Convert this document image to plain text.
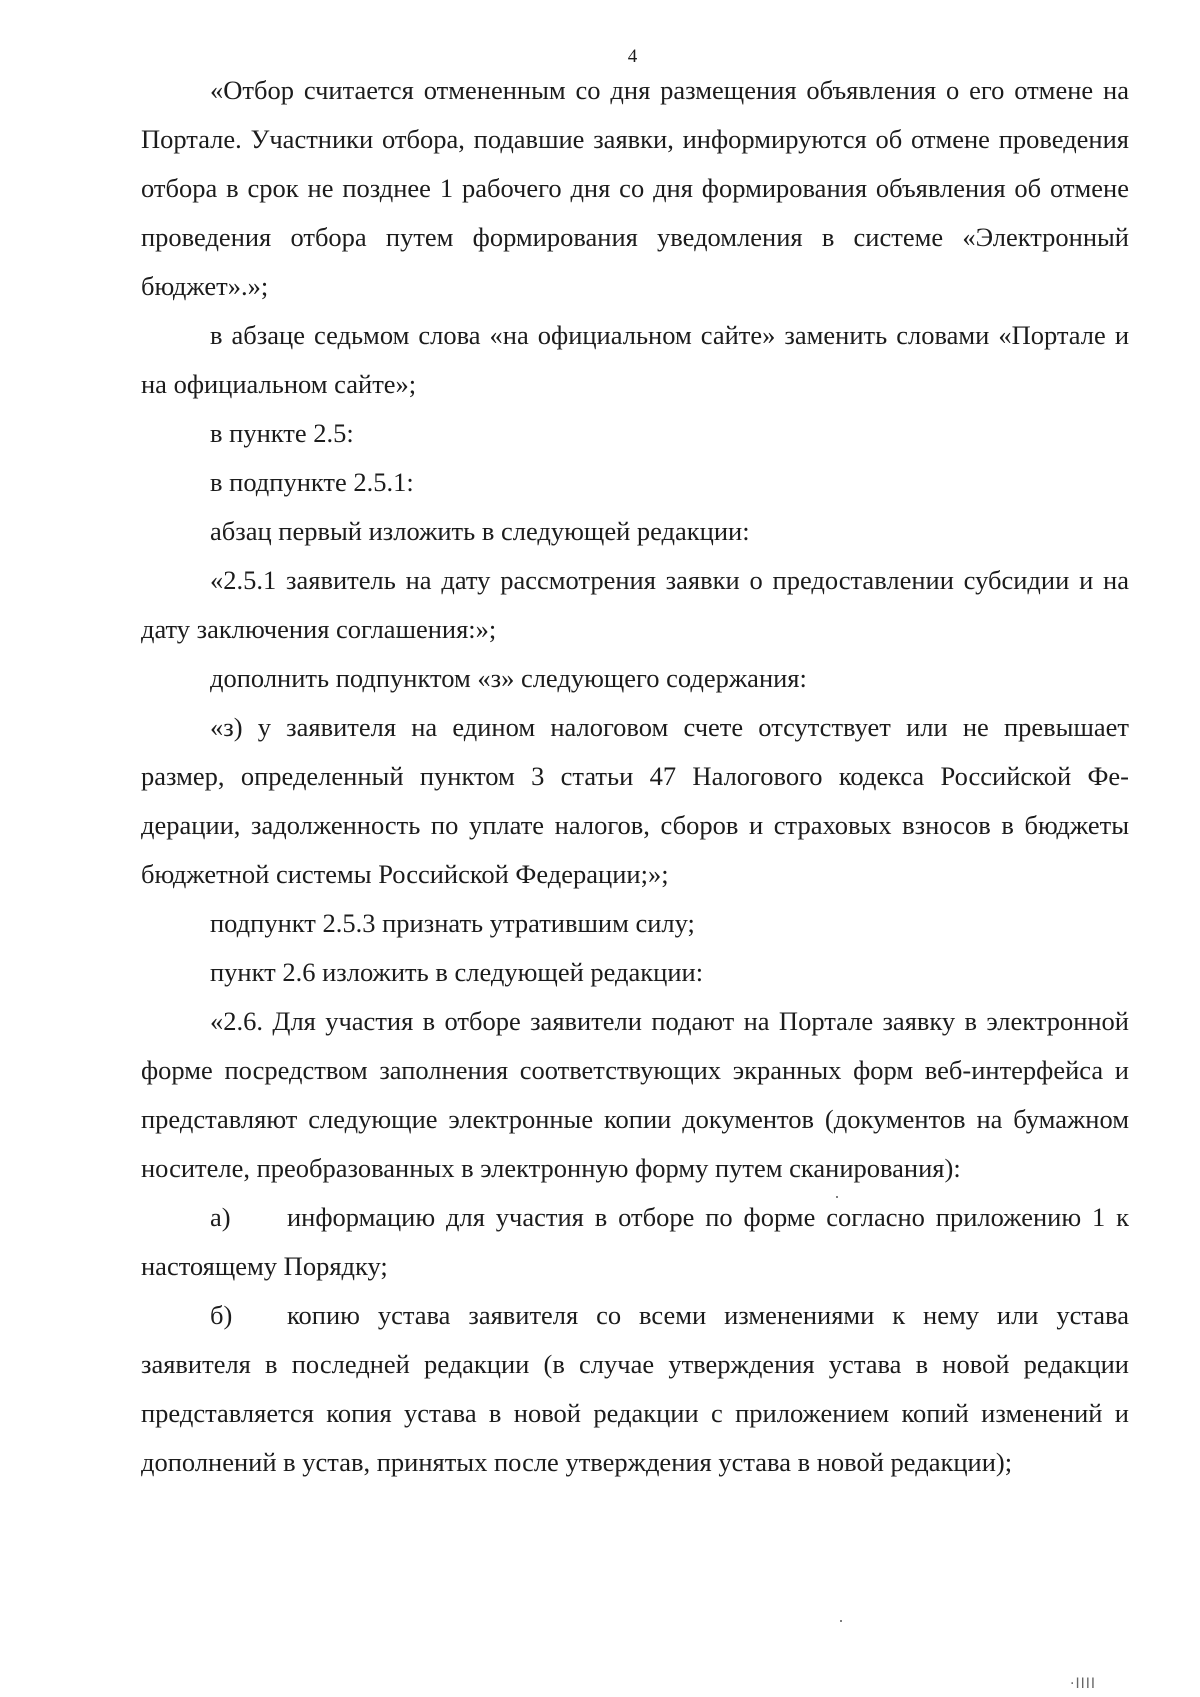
4

«Отбор считается отмененным со дня размещения объявления о его отмене на Портале. Участники отбора, подавшие заявки, информируются об отмене проведения отбора в срок не позднее 1 рабочего дня со дня формирования объявления об отмене проведения отбора путем формирования уведомления в системе «Электронный бюджет».»;

в абзаце седьмом слова «на официальном сайте» заменить словами «Портале и на официальном сайте»;

в пункте 2.5:

в подпункте 2.5.1:

абзац первый изложить в следующей редакции:

«2.5.1 заявитель на дату рассмотрения заявки о предоставлении субсидии и на дату заключения соглашения:»;

дополнить подпунктом «з» следующего содержания:

«з) у заявителя на едином налоговом счете отсутствует или не превышает размер, определенный пунктом 3 статьи 47 Налогового кодекса Российской Федерации, задолженность по уплате налогов, сборов и страховых взносов в бюджеты бюджетной системы Российской Федерации;»;

подпункт 2.5.3 признать утратившим силу;

пункт 2.6 изложить в следующей редакции:

«2.6. Для участия в отборе заявители подают на Портале заявку в электронной форме посредством заполнения соответствующих экранных форм веб-интерфейса и представляют следующие электронные копии документов (документов на бумажном носителе, преобразованных в электронную форму путем сканирования):

а) информацию для участия в отборе по форме согласно приложению 1 к настоящему Порядку;

б) копию устава заявителя со всеми изменениями к нему или устава заявителя в последней редакции (в случае утверждения устава в новой редакции представляется копия устава в новой редакции с приложением копий изменений и дополнений в устав, принятых после утверждения устава в новой редакции);

·IIII
